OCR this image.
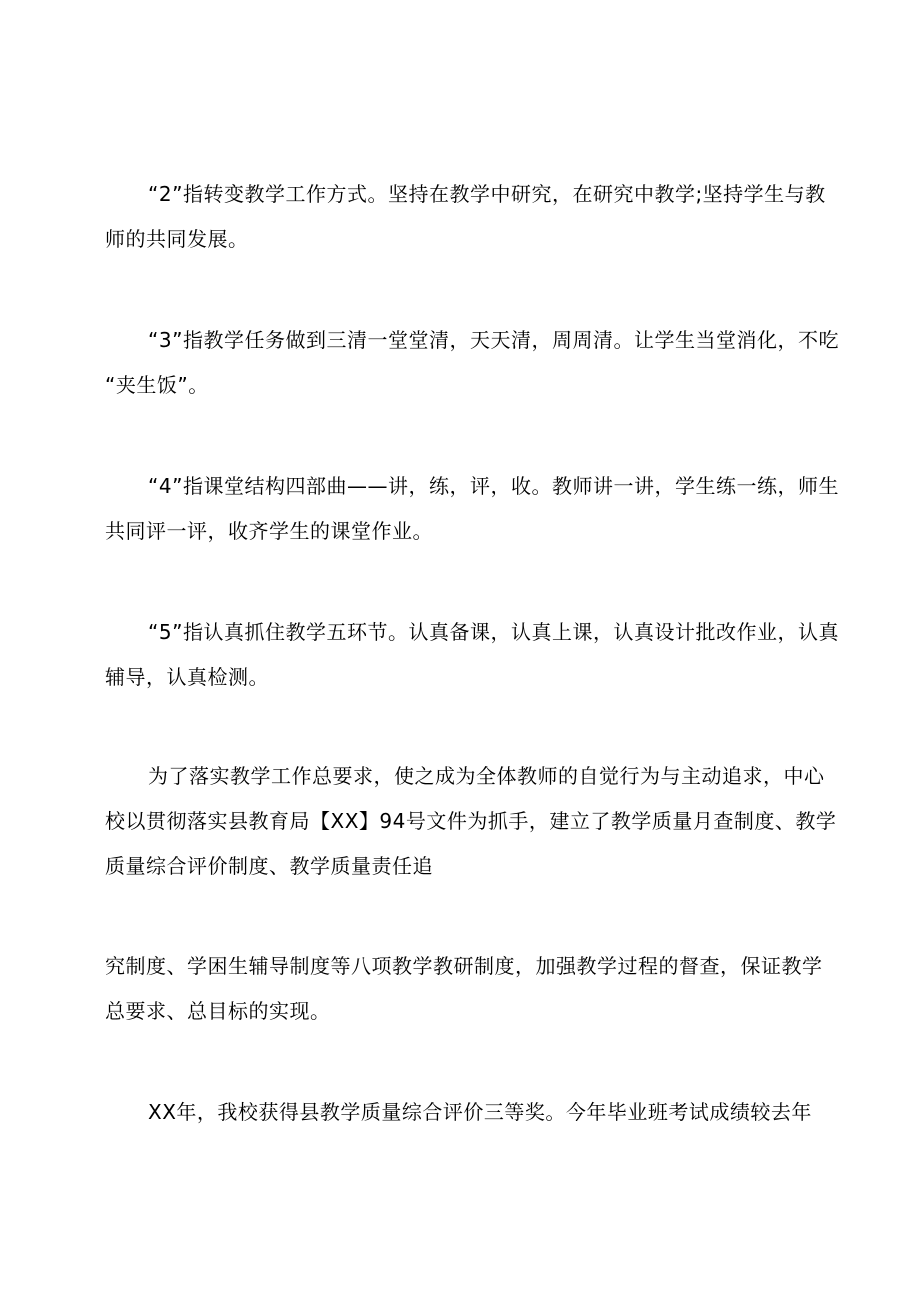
“2”指转变教学工作方式。坚持在教学中研究，在研究中教学;坚持学生与教
师的共同发展。

“3”指教学任务做到三清一堂堂清，天天清，周周清。让学生当堂消化，不吃
“夹生饭”。

“4”指课堂结构四部曲——讲，练，评，收。教师讲一讲，学生练一练，师生
共同评一评，收齐学生的课堂作业。

“5”指认真抓住教学五环节。认真备课，认真上课，认真设计批改作业，认真
辅导，认真检测。

为了落实教学工作总要求，使之成为全体教师的自觉行为与主动追求，中心
校以贯彻落实县教育局【XX】94号文件为抓手，建立了教学质量月查制度、教学
质量综合评价制度、教学质量责任追

究制度、学困生辅导制度等八项教学教研制度，加强教学过程的督查，保证教学
总要求、总目标的实现。

XX年，我校获得县教学质量综合评价三等奖。今年毕业班考试成绩较去年
